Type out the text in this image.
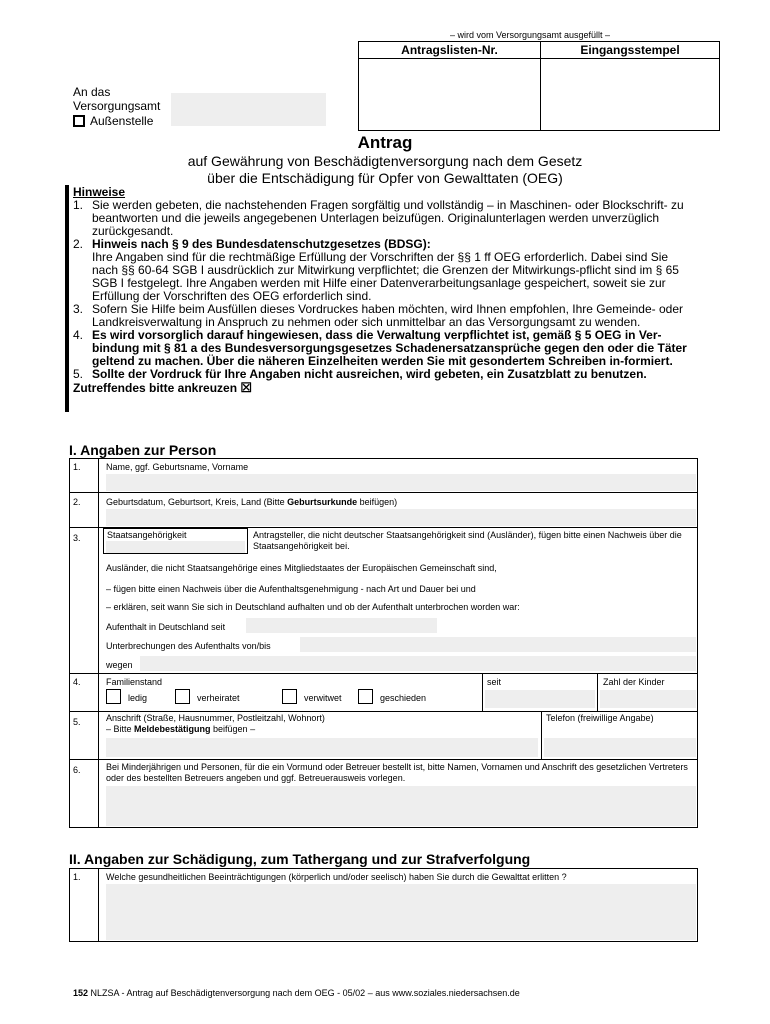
– wird vom Versorgungsamt ausgefüllt –
Antragslisten-Nr.	Eingangsstempel
An das
Versorgungsamt
Außenstelle
Antrag
auf Gewährung von Beschädigtenversorgung nach dem Gesetz
über die Entschädigung für Opfer von Gewalttaten (OEG)
Hinweise
1. Sie werden gebeten, die nachstehenden Fragen sorgfältig und vollständig – in Maschinen- oder Blockschrift- zu beantworten und die jeweils angegebenen Unterlagen beizufügen. Originalunterlagen werden unverzüglich zurückgesandt.
2. Hinweis nach § 9 des Bundesdatenschutzgesetzes (BDSG):
Ihre Angaben sind für die rechtmäßige Erfüllung der Vorschriften der §§ 1 ff OEG erforderlich. Dabei sind Sie nach §§ 60-64 SGB I ausdrücklich zur Mitwirkung verpflichtet; die Grenzen der Mitwirkungs-pflicht sind im § 65 SGB I festgelegt. Ihre Angaben werden mit Hilfe einer Datenverarbeitungsanlage gespeichert, soweit sie zur Erfüllung der Vorschriften des OEG erforderlich sind.
3. Sofern Sie Hilfe beim Ausfüllen dieses Vordruckes haben möchten, wird Ihnen empfohlen, Ihre Gemeinde- oder Landkreisverwaltung in Anspruch zu nehmen oder sich unmittelbar an das Versorgungsamt zu wenden.
4. Es wird vorsorglich darauf hingewiesen, dass die Verwaltung verpflichtet ist, gemäß § 5 OEG in Ver-bindung mit § 81 a des Bundesversorgungsgesetzes Schadenersatzansprüche gegen den oder die Täter geltend zu machen. Über die näheren Einzelheiten werden Sie mit gesondertem Schreiben in-formiert.
5. Sollte der Vordruck für Ihre Angaben nicht ausreichen, wird gebeten, ein Zusatzblatt zu benutzen.
Zutreffendes bitte ankreuzen ☒
I. Angaben zur Person
1.	Name, ggf. Geburtsname, Vorname
2.	Geburtsdatum, Geburtsort, Kreis, Land (Bitte Geburtsurkunde beifügen)
3.	Staatsangehörigkeit	Antragsteller, die nicht deutscher Staatsangehörigkeit sind (Ausländer), fügen bitte einen Nachweis über die Staatsangehörigkeit bei.
Ausländer, die nicht Staatsangehörige eines Mitgliedstaates der Europäischen Gemeinschaft sind,
– fügen bitte einen Nachweis über die Aufenthaltsgenehmigung - nach Art und Dauer bei und
– erklären, seit wann Sie sich in Deutschland aufhalten und ob der Aufenthalt unterbrochen worden war:
Aufenthalt in Deutschland seit
Unterbrechungen des Aufenthalts von/bis
wegen
4.	Familienstand	seit	Zahl der Kinder
ledig	verheiratet	verwitwet	geschieden
5.	Anschrift (Straße, Hausnummer, Postleitzahl, Wohnort)
– Bitte Meldebestätigung beifügen –
Telefon (freiwillige Angabe)
6.	Bei Minderjährigen und Personen, für die ein Vormund oder Betreuer bestellt ist, bitte Namen, Vornamen und Anschrift des gesetzlichen Vertreters oder des bestellten Betreuers angeben und ggf. Betreuerausweis vorlegen.
II. Angaben zur Schädigung, zum Tathergang und zur Strafverfolgung
1.	Welche gesundheitlichen Beeinträchtigungen (körperlich und/oder seelisch) haben Sie durch die Gewalttat erlitten ?
152 NLZSA - Antrag auf Beschädigtenversorgung nach dem OEG - 05/02 – aus www.soziales.niedersachsen.de
